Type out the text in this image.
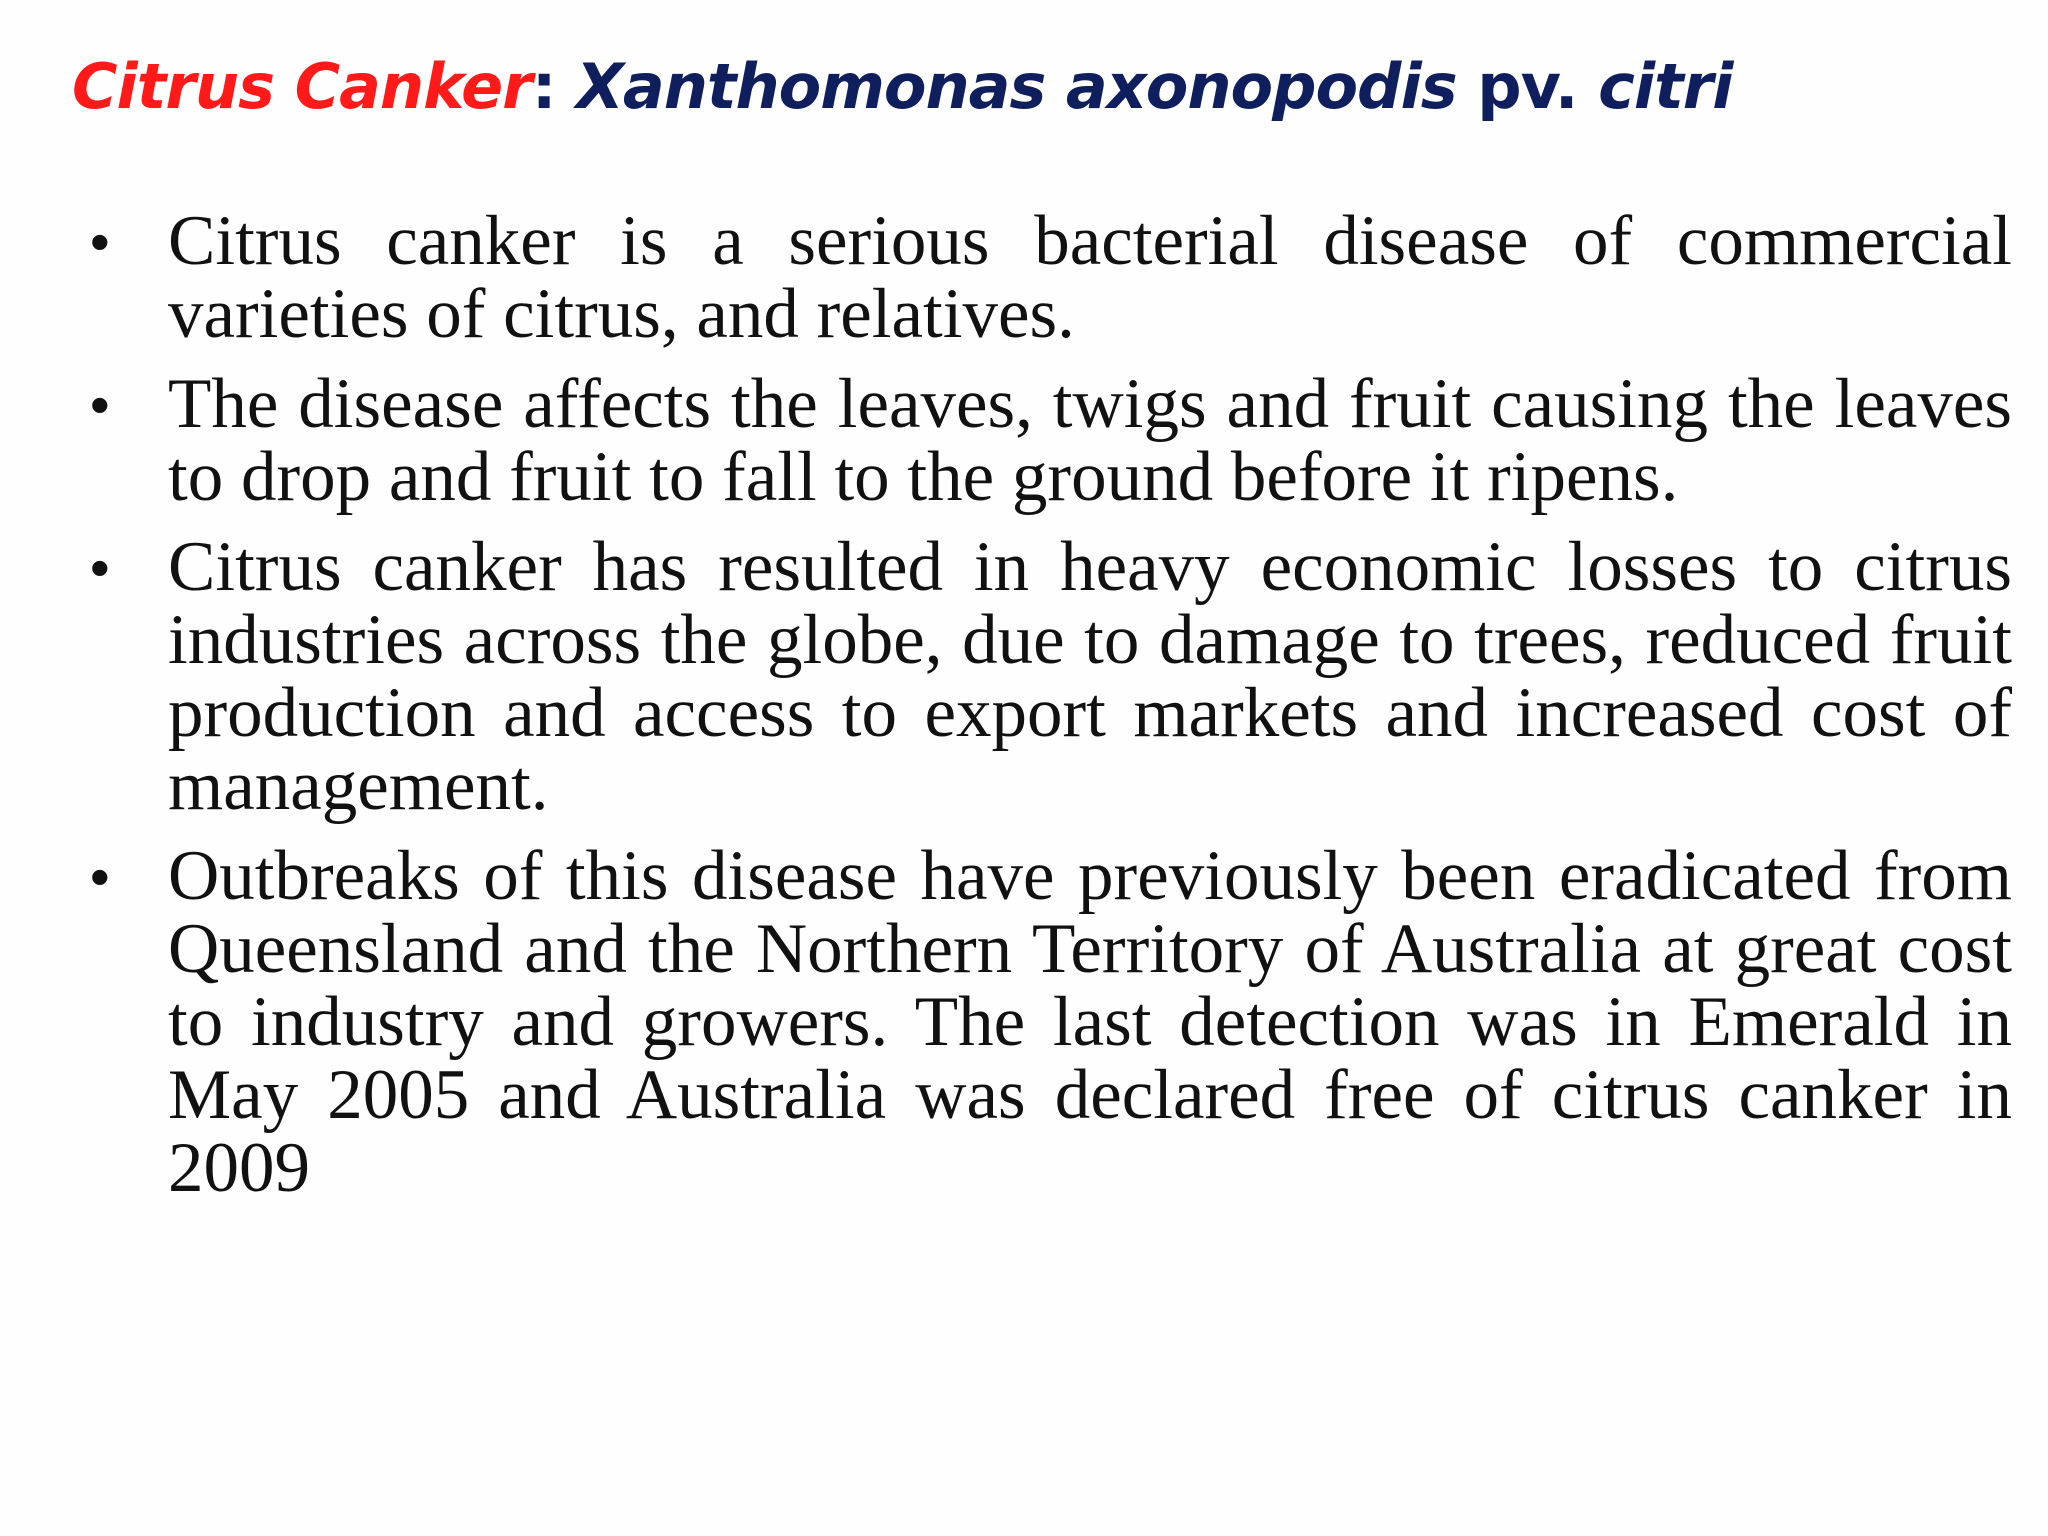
Citrus Canker: Xanthomonas axonopodis pv. citri
• Citrus canker is a serious bacterial disease of commercial varieties of citrus, and relatives.
• The disease affects the leaves, twigs and fruit causing the leaves to drop and fruit to fall to the ground before it ripens.
• Citrus canker has resulted in heavy economic losses to citrus industries across the globe, due to damage to trees, reduced fruit production and access to export markets and increased cost of management.
• Outbreaks of this disease have previously been eradicated from Queensland and the Northern Territory of Australia at great cost to industry and growers. The last detection was in Emerald in May 2005 and Australia was declared free of citrus canker in 2009
